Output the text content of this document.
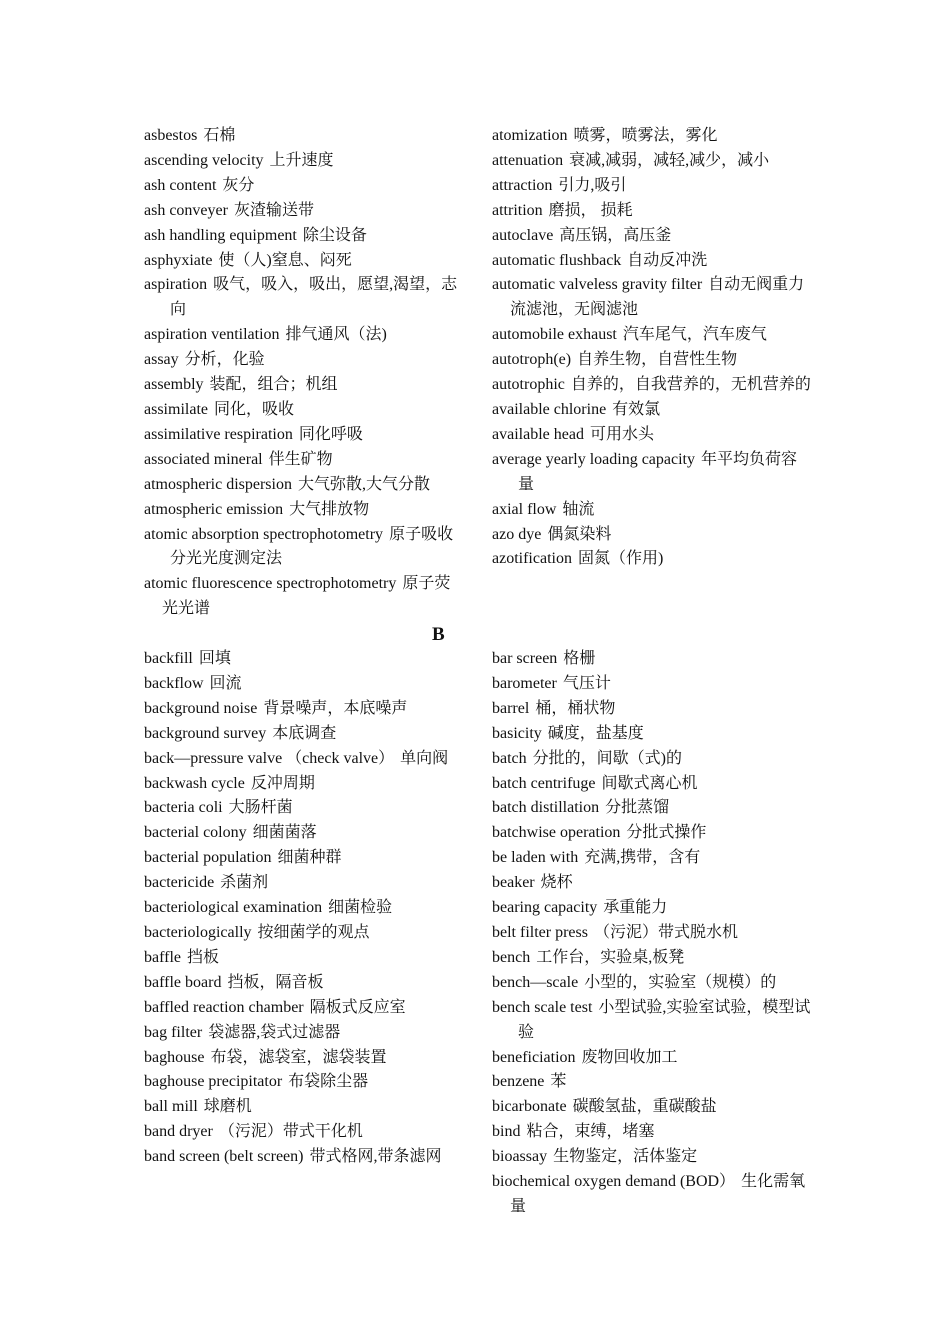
asbestos 石棉

ascending velocity 上升速度

ash content 灰分

ash conveyer 灰渣输送带

ash handling equipment 除尘设备

asphyxiate 使（人)窒息、闷死

aspiration 吸气，吸入，吸出，愿望,渴望，志向

aspiration ventilation 排气通风（法)

assay 分析，化验

assembly 装配，组合；机组

assimilate 同化，吸收

assimilative respiration 同化呼吸

associated mineral 伴生矿物

atmospheric dispersion 大气弥散,大气分散

atmospheric emission 大气排放物

atomic absorption spectrophotometry 原子吸收分光光度测定法

atomic fluorescence spectrophotometry 原子荧光光谱

atomization 喷雾，喷雾法，雾化

attenuation 衰减,减弱，减轻,减少，减小

attraction 引力,吸引

attrition 磨损， 损耗

autoclave 高压锅，高压釜

automatic flushback 自动反冲洗

automatic valveless gravity filter 自动无阀重力流滤池，无阀滤池

automobile exhaust 汽车尾气，汽车废气

autotroph(e) 自养生物，自营性生物

autotrophic 自养的，自我营养的，无机营养的

available chlorine 有效氯

available head 可用水头

average yearly loading capacity 年平均负荷容量

axial flow 轴流

azo dye 偶氮染料

azotification 固氮（作用)

B

backfill 回填

backflow 回流

background noise 背景噪声，本底噪声

background survey 本底调查

back—pressure valve （check valve） 单向阀

backwash cycle 反冲周期

bacteria coli 大肠杆菌

bacterial colony 细菌菌落

bacterial population 细菌种群

bactericide 杀菌剂

bacteriological examination 细菌检验

bacteriologically 按细菌学的观点

baffle 挡板

baffle board 挡板，隔音板

baffled reaction chamber 隔板式反应室

bag filter 袋滤器,袋式过滤器

baghouse 布袋，滤袋室，滤袋装置

baghouse precipitator 布袋除尘器

ball mill 球磨机

band dryer （污泥）带式干化机

band screen (belt screen) 带式格网,带条滤网

bar screen 格栅

barometer 气压计

barrel 桶，桶状物

basicity 碱度，盐基度

batch 分批的，间歇（式)的

batch centrifuge 间歇式离心机

batch distillation 分批蒸馏

batchwise operation 分批式操作

be laden with 充满,携带，含有

beaker 烧杯

bearing capacity 承重能力

belt filter press （污泥）带式脱水机

bench 工作台，实验桌,板凳

bench—scale 小型的，实验室（规模）的

bench scale test 小型试验,实验室试验，模型试验

beneficiation 废物回收加工

benzene 苯

bicarbonate 碳酸氢盐，重碳酸盐

bind 粘合，束缚，堵塞

bioassay 生物鉴定，活体鉴定

biochemical oxygen demand (BOD） 生化需氧量
